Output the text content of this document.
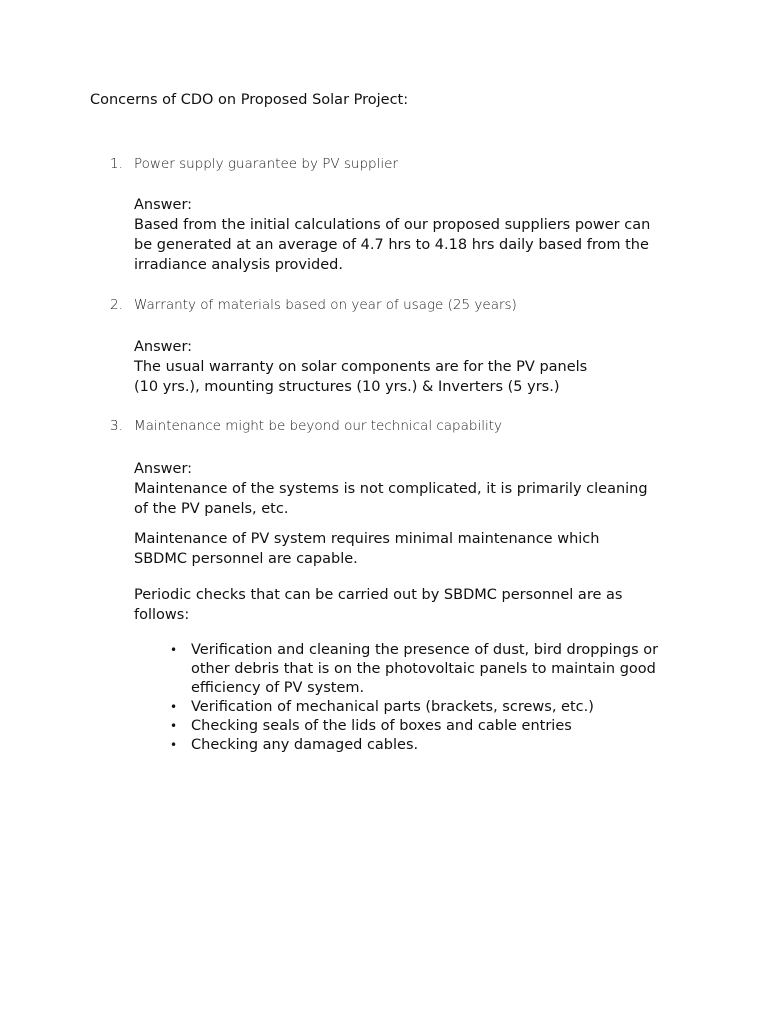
Concerns of CDO on Proposed Solar Project:
1. Power supply guarantee by PV supplier
Answer:
Based from the initial calculations of our proposed suppliers power can
be generated at an average of 4.7 hrs to 4.18 hrs daily based from the
irradiance analysis provided.
2. Warranty of materials based on year of usage (25 years)
Answer:
The usual warranty on solar components are for the PV panels
(10 yrs.), mounting structures (10 yrs.) & Inverters (5 yrs.)
3. Maintenance might be beyond our technical capability
Answer:
Maintenance of the systems is not complicated, it is primarily cleaning
of the PV panels, etc.
Maintenance of PV system requires minimal maintenance which
SBDMC personnel are capable.
Periodic checks that can be carried out by SBDMC personnel are as
follows:
• Verification and cleaning the presence of dust, bird droppings or
other debris that is on the photovoltaic panels to maintain good
efficiency of PV system.
• Verification of mechanical parts (brackets, screws, etc.)
• Checking seals of the lids of boxes and cable entries
• Checking any damaged cables.
